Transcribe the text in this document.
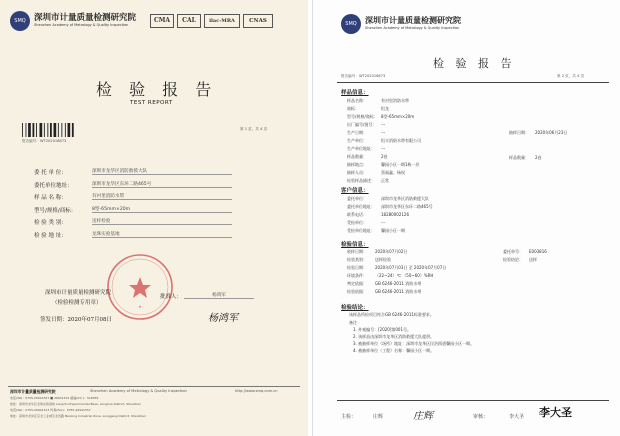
SMQ 深圳市计量质量检测研究院
Shenzhen Academy of Metrology & Quality Inspection
CMA	CAL	ilac-MRA	CNAS
检 验 报 告
TEST REPORT
报告编号：WT202016873
第 1 页，共 4 页
委 托 单 位：	深圳市龙华区消防救援大队
委托单位地址：	深圳市龙华区东环二路465号
样 品 名 称：	有衬里消防水带
型号/规格/商标：	8型-65mm×20m
检 验 类 别：	送样检验
检 验 地 址：	龙珠实验基地
★
深圳市计量质量检测研究院
（检验检测专用章）
批准人：	杨鸿军
签发日期：2020年07月08日	杨鸿军
深圳市计量质量检测研究院	Shenzhen Academy of Metrology & Quality Inspection	http://www.smq.com.cn
电话(Tel)：0755-26941557 ■ 26941512 邮编(P.C.)：518055
地址：深圳市龙华区龙珠实验基地 Longzhu Experimental Base, Longhua District, Shenzhen
电话(Tel)：0755-26941513 传真(Fax)：0755-26941557
地址：深圳市龙岗区宝龙工业城宝龙四路 Baolong Industrial Zone, Longgang District, Shenzhen
SMQ	深圳市计量质量检测研究院
Shenzhen Academy of Metrology & Quality Inspection
检 验 报 告
报告编号：WT202016873	第 2 页，共 4 页
样品信息：
样品名称：	有衬里消防水带
商标：	恒龙
型号/规格/商标： 8型-65mm×20m
出厂编号/批号： ---
生产日期：	---
生产单位：	恒丰消防水带有限公司
生产单位地址： ---
样品数量：	2卷
抽样地点：	馨园小区一期1栋一层
抽样人员：	蔡福鑫、杨权
检验样品描述： 正常
抽样日期： 2020年06月23日
样品数量： 2卷
客户信息：
委托单位：	深圳市龙华区消防救援大队
委托单位地址： 深圳市龙华区东环二路465号
联系电话：	18280002126
受检单位：	---
受检单位地址： 馨园小区一期
检验信息：
收样日期： 2020年07月02日
检验类别： 送样检验
检验日期： 2020年07月03日 至 2020年07月07日
环境条件： （22~24）℃ （50~60）%RH
判定依据： GB 6246-2011 消防水带
检验依据： GB 6246-2011 消防水带
委托单号： E003816
检验结论： 送样
检验结论：
该样品所检项目符合GB 6246-2011标准要求。
备注：
1. 外观编号：[2020]第001号。
2. 该样品由深圳市龙华区消防救援大队提供。
3. 被抽样单位（场所）地址：深圳市龙华区民治街道馨园小区一期。
4. 被抽样单位（工程）名称：馨园小区一期。
主检：	庄辉	庄辉	审核：	李大圣 李大圣
